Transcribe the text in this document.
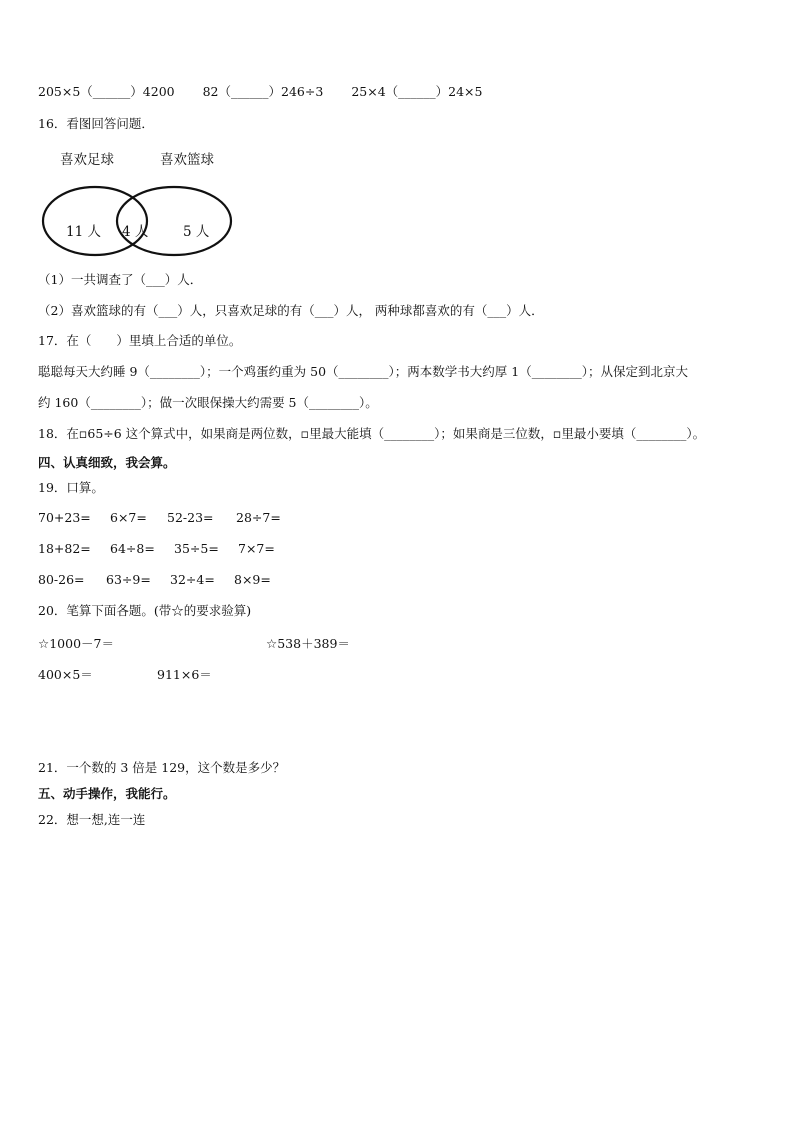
205×5（______）4200 82（______）246÷3 25×4（______）24×5
16．看图回答问题．
喜欢足球	喜欢篮球
11 人 4 人	5 人
（1）一共调查了（___）人．
（2）喜欢篮球的有（___）人，只喜欢足球的有（___）人， 两种球都喜欢的有（___）人．
17．在（　　）里填上合适的单位。
聪聪每天大约睡 9（________）；一个鸡蛋约重为 50（________）；两本数学书大约厚 1（________）；从保定到北京大
约 160（________）；做一次眼保操大约需要 5（________）。
18．在▫65÷6 这个算式中，如果商是两位数，▫里最大能填（________）；如果商是三位数，▫里最小要填（________）。
四、认真细致，我会算。
19．口算。
70+23= 6×7= 52-23= 28÷7=
18+82= 64÷8= 35÷5= 7×7=
80-26= 63÷9= 32÷4= 8×9=
20．笔算下面各题。(带☆的要求验算)
☆1000－7＝	☆538＋389＝
400×5＝	911×6＝
21．一个数的 3 倍是 129，这个数是多少？
五、动手操作，我能行。
22．想一想,连一连
